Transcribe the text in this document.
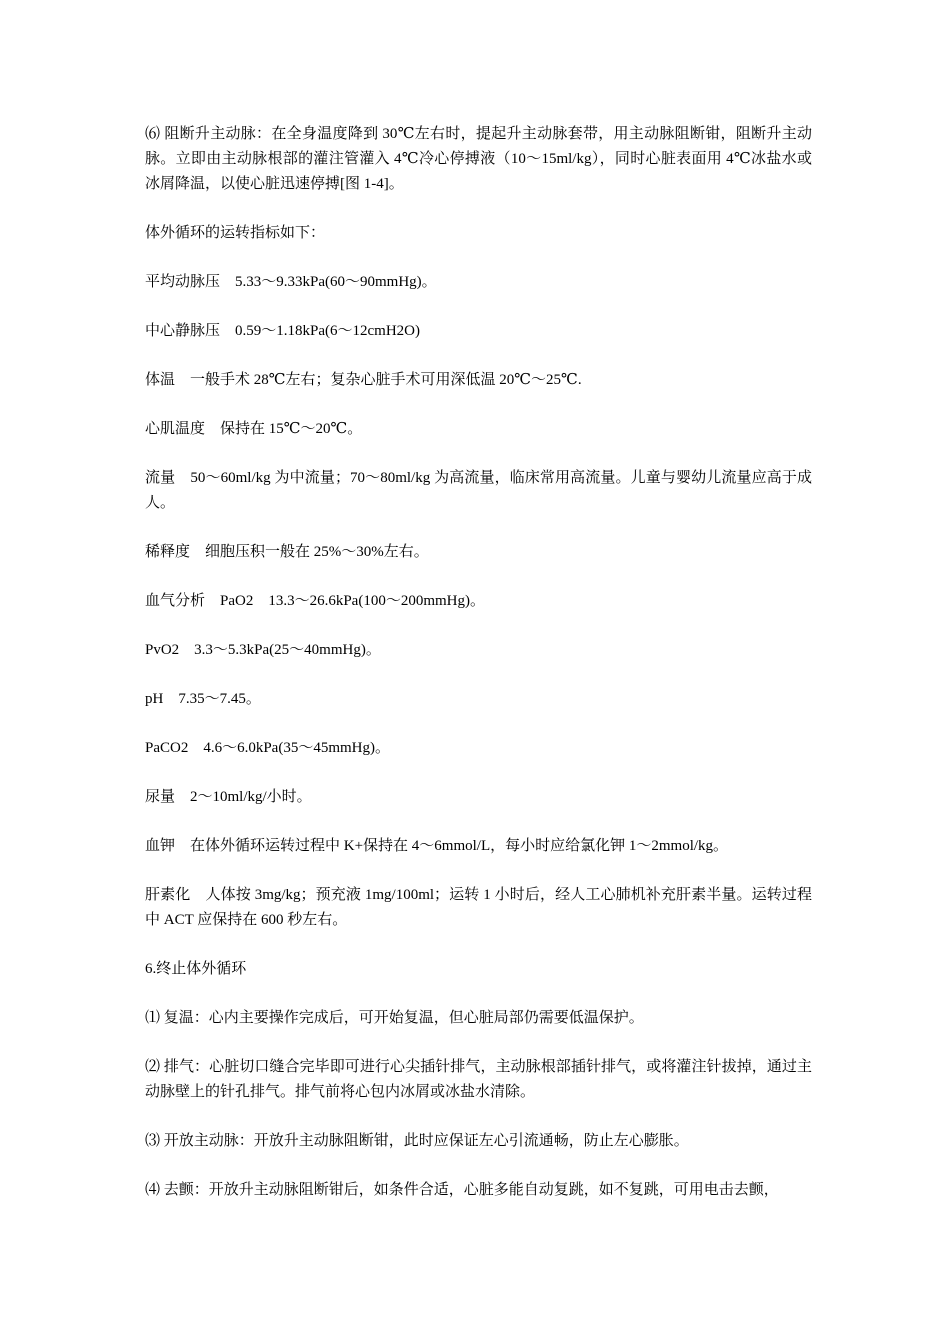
⑹ 阻断升主动脉：在全身温度降到 30℃左右时，提起升主动脉套带，用主动脉阻断钳，阻断升主动脉。立即由主动脉根部的灌注管灌入 4℃冷心停搏液（10～15ml/kg），同时心脏表面用 4℃冰盐水或冰屑降温，以使心脏迅速停搏[图 1-4]。

体外循环的运转指标如下：

平均动脉压　5.33～9.33kPa(60～90mmHg)。

中心静脉压　0.59～1.18kPa(6～12cmH2O)

体温　一般手术 28℃左右；复杂心脏手术可用深低温 20℃～25℃.

心肌温度　保持在 15℃～20℃。

流量　50～60ml/kg 为中流量；70～80ml/kg 为高流量，临床常用高流量。儿童与婴幼儿流量应高于成人。

稀释度　细胞压积一般在 25%～30%左右。

血气分析　PaO2　13.3～26.6kPa(100～200mmHg)。

PvO2　3.3～5.3kPa(25～40mmHg)。

pH　7.35～7.45。

PaCO2　4.6～6.0kPa(35～45mmHg)。

尿量　2～10ml/kg/小时。

血钾　在体外循环运转过程中 K+保持在 4～6mmol/L，每小时应给氯化钾 1～2mmol/kg。

肝素化　人体按 3mg/kg；预充液 1mg/100ml；运转 1 小时后，经人工心肺机补充肝素半量。运转过程中 ACT 应保持在 600 秒左右。

6.终止体外循环

⑴ 复温：心内主要操作完成后，可开始复温，但心脏局部仍需要低温保护。

⑵ 排气：心脏切口缝合完毕即可进行心尖插针排气，主动脉根部插针排气，或将灌注针拔掉，通过主动脉壁上的针孔排气。排气前将心包内冰屑或冰盐水清除。

⑶ 开放主动脉：开放升主动脉阻断钳，此时应保证左心引流通畅，防止左心膨胀。

⑷ 去颤：开放升主动脉阻断钳后，如条件合适，心脏多能自动复跳，如不复跳，可用电击去颤，
